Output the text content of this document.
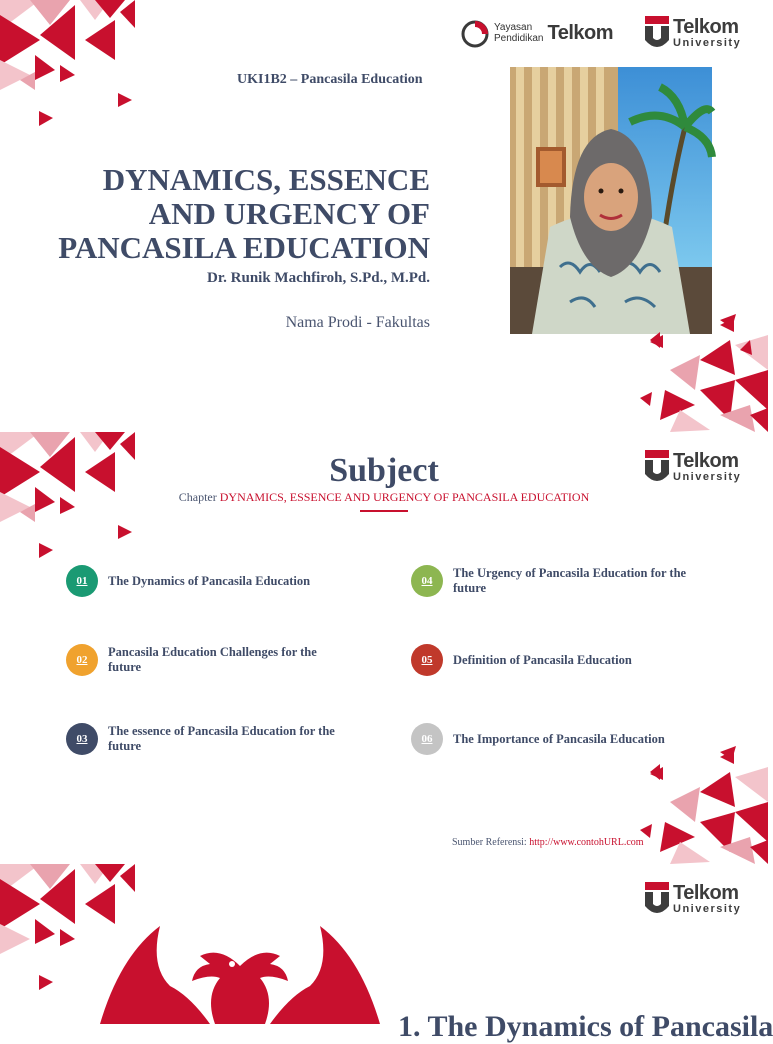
Yayasan
Pendidikan Telkom	Telkom
University
UKI1B2 – Pancasila Education
DYNAMICS, ESSENCE
AND URGENCY OF
PANCASILA EDUCATION
Dr. Runik Machfiroh, S.Pd., M.Pd.
Nama Prodi - Fakultas
Telkom
University
Subject
Chapter DYNAMICS, ESSENCE AND URGENCY OF PANCASILA EDUCATION
01	The Dynamics of Pancasila Education
02
Pancasila Education Challenges for the future
03
The essence of Pancasila Education for the future
04
The Urgency of Pancasila Education for the future
05	Definition of Pancasila Education
06	The Importance of Pancasila Education
Sumber Referensi: http://www.contohURL.com
Telkom
University
1. The Dynamics of Pancasila
